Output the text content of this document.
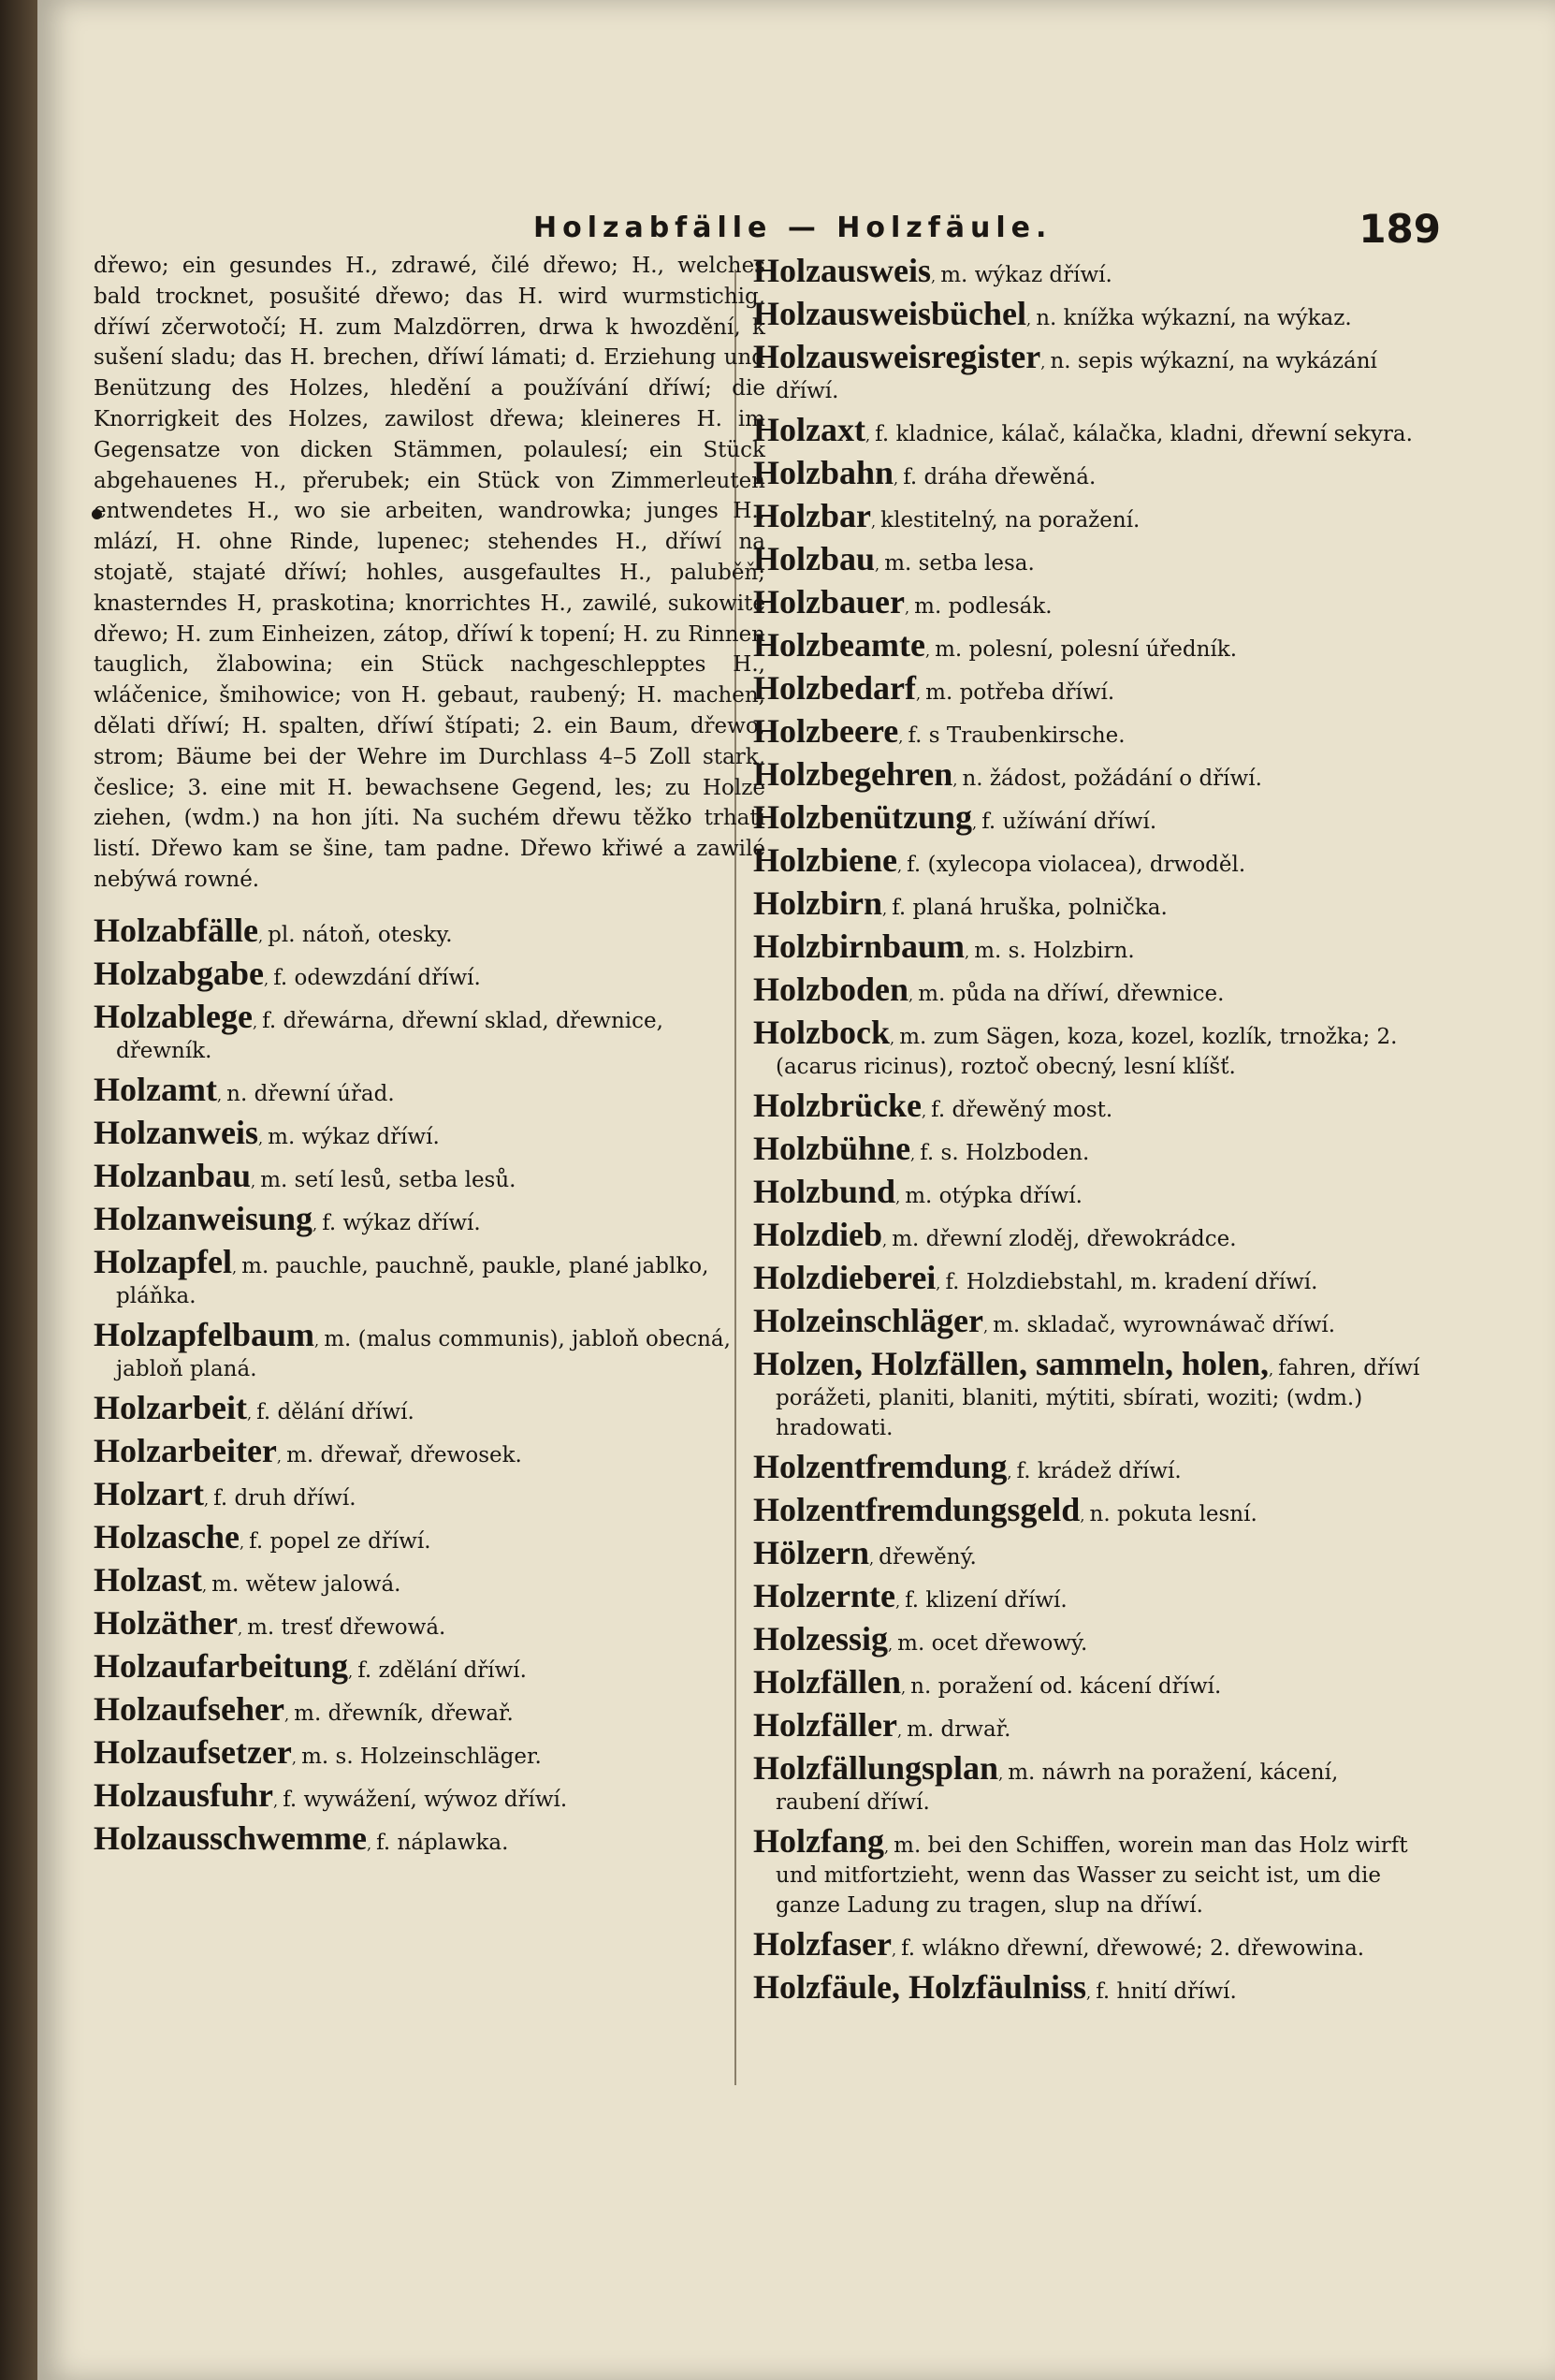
Holzabfälle — Holzfäule.	189

dřewo; ein gesundes H., zdrawé, čilé dřewo; H., welches bald trocknet, posušité dřewo; das H. wird wurmstichig, dříwí zčerwotočí; H. zum Malzdörren, drwa k hwozdění, k sušení sladu; das H. brechen, dříwí lámati; d. Erziehung und Benützung des Holzes, hledění a používání dříwí; die Knorrigkeit des Holzes, zawilost dřewa; kleineres H. im Gegensatze von dicken Stämmen, polaulesí; ein Stück abgehauenes H., přerubek; ein Stück von Zimmerleuten entwendetes H., wo sie arbeiten, wandrowka; junges H., mlází, H. ohne Rinde, lupenec; stehendes H., dříwí na stojatě, stajaté dříwí; hohles, ausgefaultes H., paluběň; knasterndes H, praskotina; knorrichtes H., zawilé, sukowité dřewo; H. zum Einheizen, zátop, dříwí k topení; H. zu Rinnen tauglich, žlabowina; ein Stück nachgeschlepptes H., wláčenice, šmihowice; von H. gebaut, raubený; H. machen, dělati dříwí; H. spalten, dříwí štípati; 2. ein Baum, dřewo, strom; Bäume bei der Wehre im Durchlass 4–5 Zoll stark, česlice; 3. eine mit H. bewachsene Gegend, les; zu Holze ziehen, (wdm.) na hon jíti. Na suchém dřewu těžko trhati listí. Dřewo kam se šine, tam padne. Dřewo křiwé a zawilé nebýwá rowné.

Holzabfälle, pl. nátoň, otesky.

Holzabgabe, f. odewzdání dříwí.

Holzablege, f. dřewárna, dřewní sklad, dřewnice, dřewník.

Holzamt, n. dřewní úřad.

Holzanweis, m. wýkaz dříwí.

Holzanbau, m. setí lesů, setba lesů.

Holzanweisung, f. wýkaz dříwí.

Holzapfel, m. pauchle, pauchně, paukle, plané jablko, pláňka.

Holzapfelbaum, m. (malus communis), jabloň obecná, jabloň planá.

Holzarbeit, f. dělání dříwí.

Holzarbeiter, m. dřewař, dřewosek.

Holzart, f. druh dříwí.

Holzasche, f. popel ze dříwí.

Holzast, m. wětew jalowá.

Holzäther, m. tresť dřewowá.

Holzaufarbeitung, f. zdělání dříwí.

Holzaufseher, m. dřewník, dřewař.

Holzaufsetzer, m. s. Holzeinschläger.

Holzausfuhr, f. wywážení, wýwoz dříwí.

Holzausschwemme, f. náplawka.

Holzausweis, m. wýkaz dříwí.

Holzausweisbüchel, n. knížka wýkazní, na wýkaz.

Holzausweisregister, n. sepis wýkazní, na wykázání dříwí.

Holzaxt, f. kladnice, kálač, kálačka, kladni, dřewní sekyra.

Holzbahn, f. dráha dřewěná.

Holzbar, klestitelný, na poražení.

Holzbau, m. setba lesa.

Holzbauer, m. podlesák.

Holzbeamte, m. polesní, polesní úředník.

Holzbedarf, m. potřeba dříwí.

Holzbeere, f. s Traubenkirsche.

Holzbegehren, n. žádost, požádání o dříwí.

Holzbenützung, f. užíwání dříwí.

Holzbiene, f. (xylecopa violacea), drwoděl.

Holzbirn, f. planá hruška, polnička.

Holzbirnbaum, m. s. Holzbirn.

Holzboden, m. půda na dříwí, dřewnice.

Holzbock, m. zum Sägen, koza, kozel, kozlík, trnožka; 2. (acarus ricinus), roztoč obecný, lesní klíšť.

Holzbrücke, f. dřewěný most.

Holzbühne, f. s. Holzboden.

Holzbund, m. otýpka dříwí.

Holzdieb, m. dřewní zloděj, dřewokrádce.

Holzdieberei, f. Holzdiebstahl, m. kradení dříwí.

Holzeinschläger, m. skladač, wyrownáwač dříwí.

Holzen, Holzfällen, sammeln, holen,, fahren, dříwí porážeti, planiti, blaniti, mýtiti, sbírati, woziti; (wdm.) hradowati.

Holzentfremdung, f. krádež dříwí.

Holzentfremdungsgeld, n. pokuta lesní.

Hölzern, dřewěný.

Holzernte, f. klizení dříwí.

Holzessig, m. ocet dřewowý.

Holzfällen, n. poražení od. kácení dříwí.

Holzfäller, m. drwař.

Holzfällungsplan, m. náwrh na poražení, kácení, raubení dříwí.

Holzfang, m. bei den Schiffen, worein man das Holz wirft und mitfortzieht, wenn das Wasser zu seicht ist, um die ganze Ladung zu tragen, slup na dříwí.

Holzfaser, f. wlákno dřewní, dřewowé; 2. dřewowina.

Holzfäule, Holzfäulniss, f. hnití dříwí.
